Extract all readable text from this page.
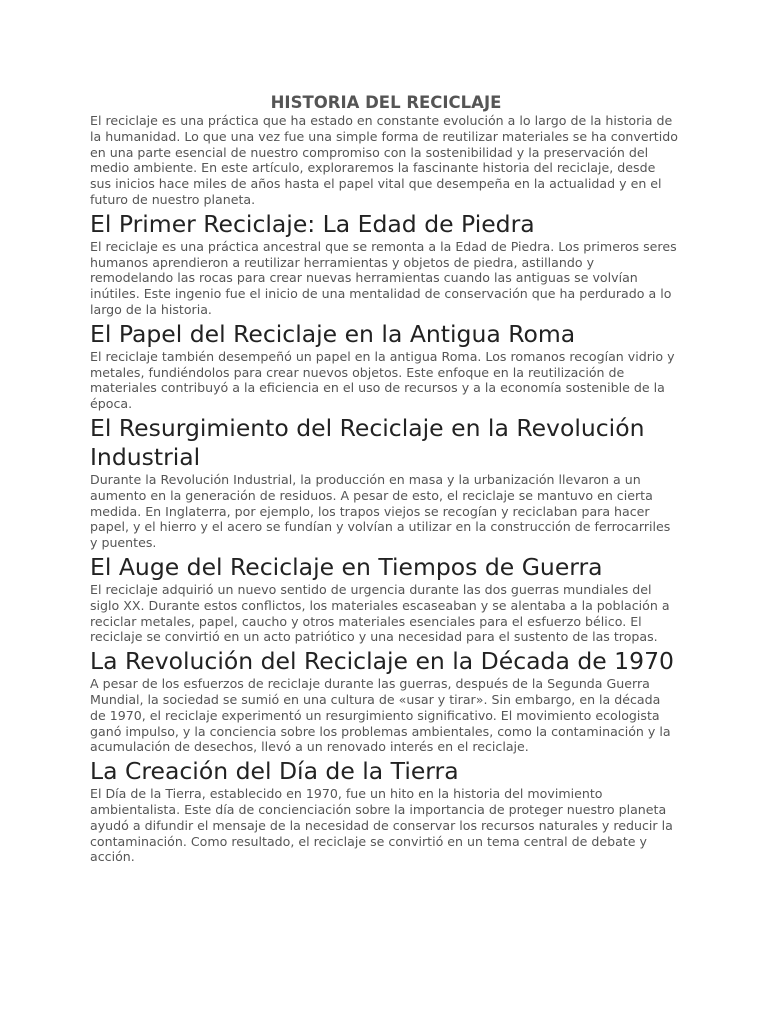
HISTORIA DEL RECICLAJE

El reciclaje es una práctica que ha estado en constante evolución a lo largo de la historia de la humanidad. Lo que una vez fue una simple forma de reutilizar materiales se ha convertido en una parte esencial de nuestro compromiso con la sostenibilidad y la preservación del medio ambiente. En este artículo, exploraremos la fascinante historia del reciclaje, desde sus inicios hace miles de años hasta el papel vital que desempeña en la actualidad y en el futuro de nuestro planeta.

El Primer Reciclaje: La Edad de Piedra

El reciclaje es una práctica ancestral que se remonta a la Edad de Piedra. Los primeros seres humanos aprendieron a reutilizar herramientas y objetos de piedra, astillando y remodelando las rocas para crear nuevas herramientas cuando las antiguas se volvían inútiles. Este ingenio fue el inicio de una mentalidad de conservación que ha perdurado a lo largo de la historia.

El Papel del Reciclaje en la Antigua Roma

El reciclaje también desempeñó un papel en la antigua Roma. Los romanos recogían vidrio y metales, fundiéndolos para crear nuevos objetos. Este enfoque en la reutilización de materiales contribuyó a la eficiencia en el uso de recursos y a la economía sostenible de la época.

El Resurgimiento del Reciclaje en la Revolución Industrial

Durante la Revolución Industrial, la producción en masa y la urbanización llevaron a un aumento en la generación de residuos. A pesar de esto, el reciclaje se mantuvo en cierta medida. En Inglaterra, por ejemplo, los trapos viejos se recogían y reciclaban para hacer papel, y el hierro y el acero se fundían y volvían a utilizar en la construcción de ferrocarriles y puentes.

El Auge del Reciclaje en Tiempos de Guerra

El reciclaje adquirió un nuevo sentido de urgencia durante las dos guerras mundiales del siglo XX. Durante estos conflictos, los materiales escaseaban y se alentaba a la población a reciclar metales, papel, caucho y otros materiales esenciales para el esfuerzo bélico. El reciclaje se convirtió en un acto patriótico y una necesidad para el sustento de las tropas.

La Revolución del Reciclaje en la Década de 1970

A pesar de los esfuerzos de reciclaje durante las guerras, después de la Segunda Guerra Mundial, la sociedad se sumió en una cultura de «usar y tirar». Sin embargo, en la década de 1970, el reciclaje experimentó un resurgimiento significativo. El movimiento ecologista ganó impulso, y la conciencia sobre los problemas ambientales, como la contaminación y la acumulación de desechos, llevó a un renovado interés en el reciclaje.

La Creación del Día de la Tierra

El Día de la Tierra, establecido en 1970, fue un hito en la historia del movimiento ambientalista. Este día de concienciación sobre la importancia de proteger nuestro planeta ayudó a difundir el mensaje de la necesidad de conservar los recursos naturales y reducir la contaminación. Como resultado, el reciclaje se convirtió en un tema central de debate y acción.
